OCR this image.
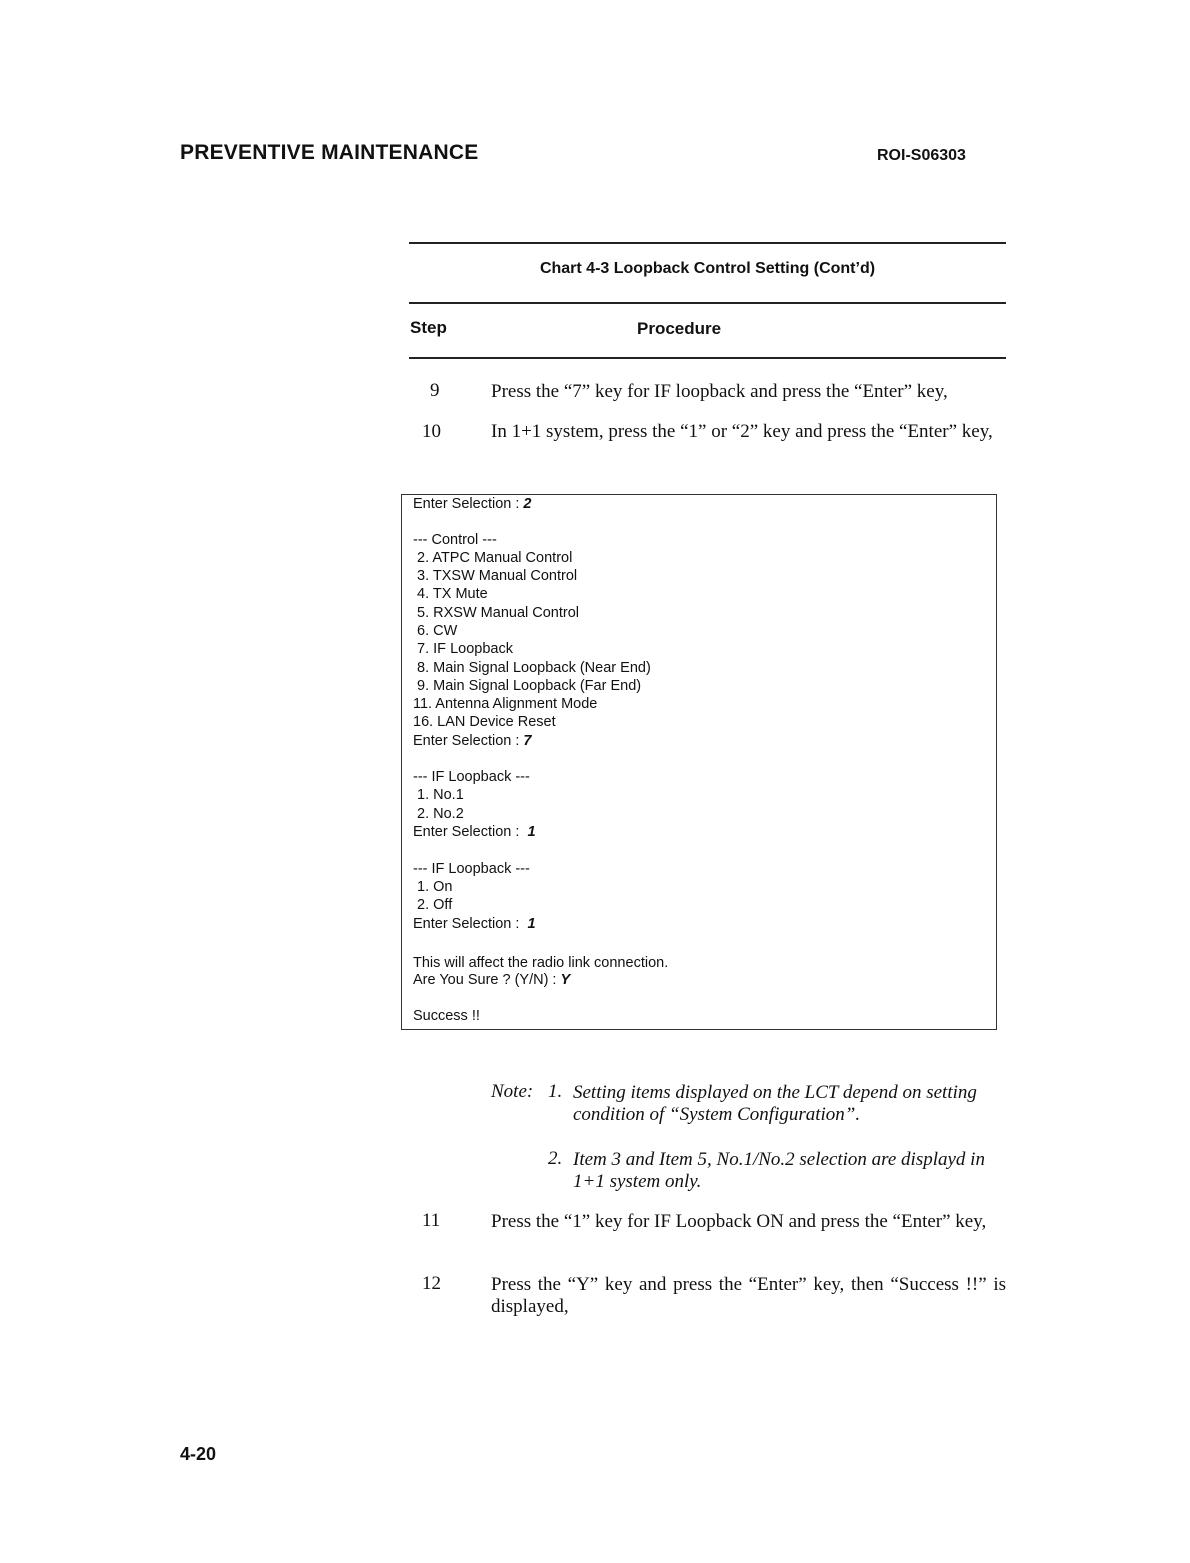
PREVENTIVE MAINTENANCE	ROI-S06303
Chart 4-3 Loopback Control Setting (Cont’d)
Step	Procedure
9	Press the “7” key for IF loopback and press the “Enter” key,
10	In 1+1 system, press the “1” or “2” key and press the “Enter” key,
Enter Selection : 2
--- Control ---
2. ATPC Manual Control
3. TXSW Manual Control
4. TX Mute
5. RXSW Manual Control
6. CW
7. IF Loopback
8. Main Signal Loopback (Near End)
9. Main Signal Loopback (Far End)
11. Antenna Alignment Mode
16. LAN Device Reset
Enter Selection : 7
--- IF Loopback ---
1. No.1
2. No.2
Enter Selection :  1
--- IF Loopback ---
1. On
2. Off
Enter Selection :  1
This will affect the radio link connection.
Are You Sure ? (Y/N) : Y
Success !!
Note: 1. Setting items displayed on the LCT depend on setting condition of “System Configuration”.
2. Item 3 and Item 5, No.1/No.2 selection are displayd in 1+1 system only.
11	Press the “1” key for IF Loopback ON and press the “Enter” key,
12	Press the “Y” key and press the “Enter” key, then “Success !!” is displayed,
4-20
